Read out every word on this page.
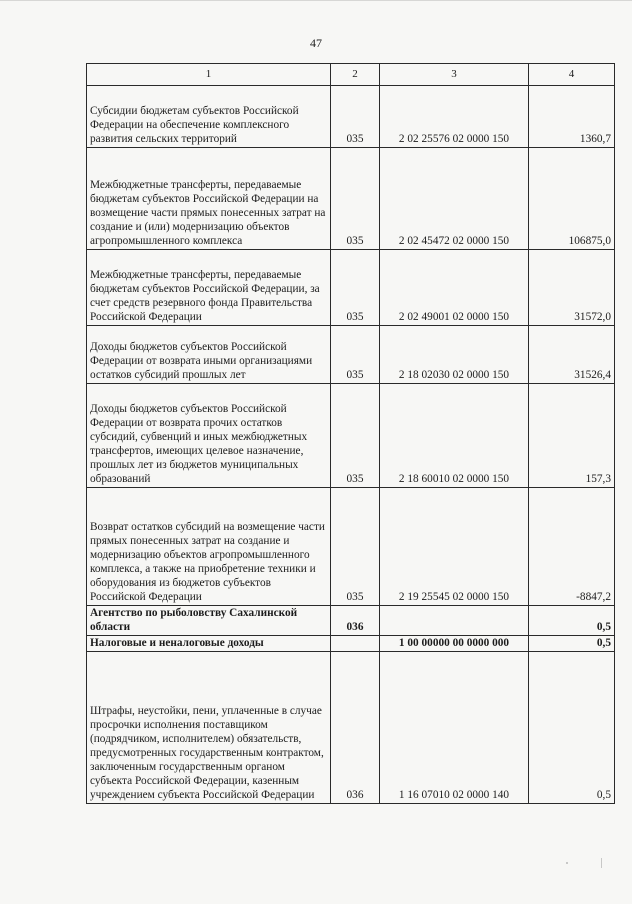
47
1	2	3	4
Субсидии бюджетам субъектов Российской Федерации на обеспечение комплексного развития сельских территорий	035	2 02 25576 02 0000 150	1360,7
Межбюджетные трансферты, передаваемые бюджетам субъектов Российской Федерации на возмещение части прямых понесенных затрат на создание и (или) модернизацию объектов агропромышленного комплекса	035	2 02 45472 02 0000 150	106875,0
Межбюджетные трансферты, передаваемые бюджетам субъектов Российской Федерации, за счет средств резервного фонда Правительства Российской Федерации	035	2 02 49001 02 0000 150	31572,0
Доходы бюджетов субъектов Российской Федерации от возврата иными организациями остатков субсидий прошлых лет	035	2 18 02030 02 0000 150	31526,4
Доходы бюджетов субъектов Российской Федерации от возврата прочих остатков субсидий, субвенций и иных межбюджетных трансфертов, имеющих целевое назначение, прошлых лет из бюджетов муниципальных образований	035	2 18 60010 02 0000 150	157,3
Возврат остатков субсидий на возмещение части прямых понесенных затрат на создание и модернизацию объектов агропромышленного комплекса, а также на приобретение техники и оборудования из бюджетов субъектов Российской Федерации	035	2 19 25545 02 0000 150	-8847,2
Агентство по рыболовству Сахалинской области	036		0,5
Налоговые и неналоговые доходы		1 00 00000 00 0000 000	0,5
Штрафы, неустойки, пени, уплаченные в случае просрочки исполнения поставщиком (подрядчиком, исполнителем) обязательств, предусмотренных государственным контрактом, заключенным государственным органом субъекта Российской Федерации, казенным учреждением субъекта Российской Федерации	036	1 16 07010 02 0000 140	0,5
